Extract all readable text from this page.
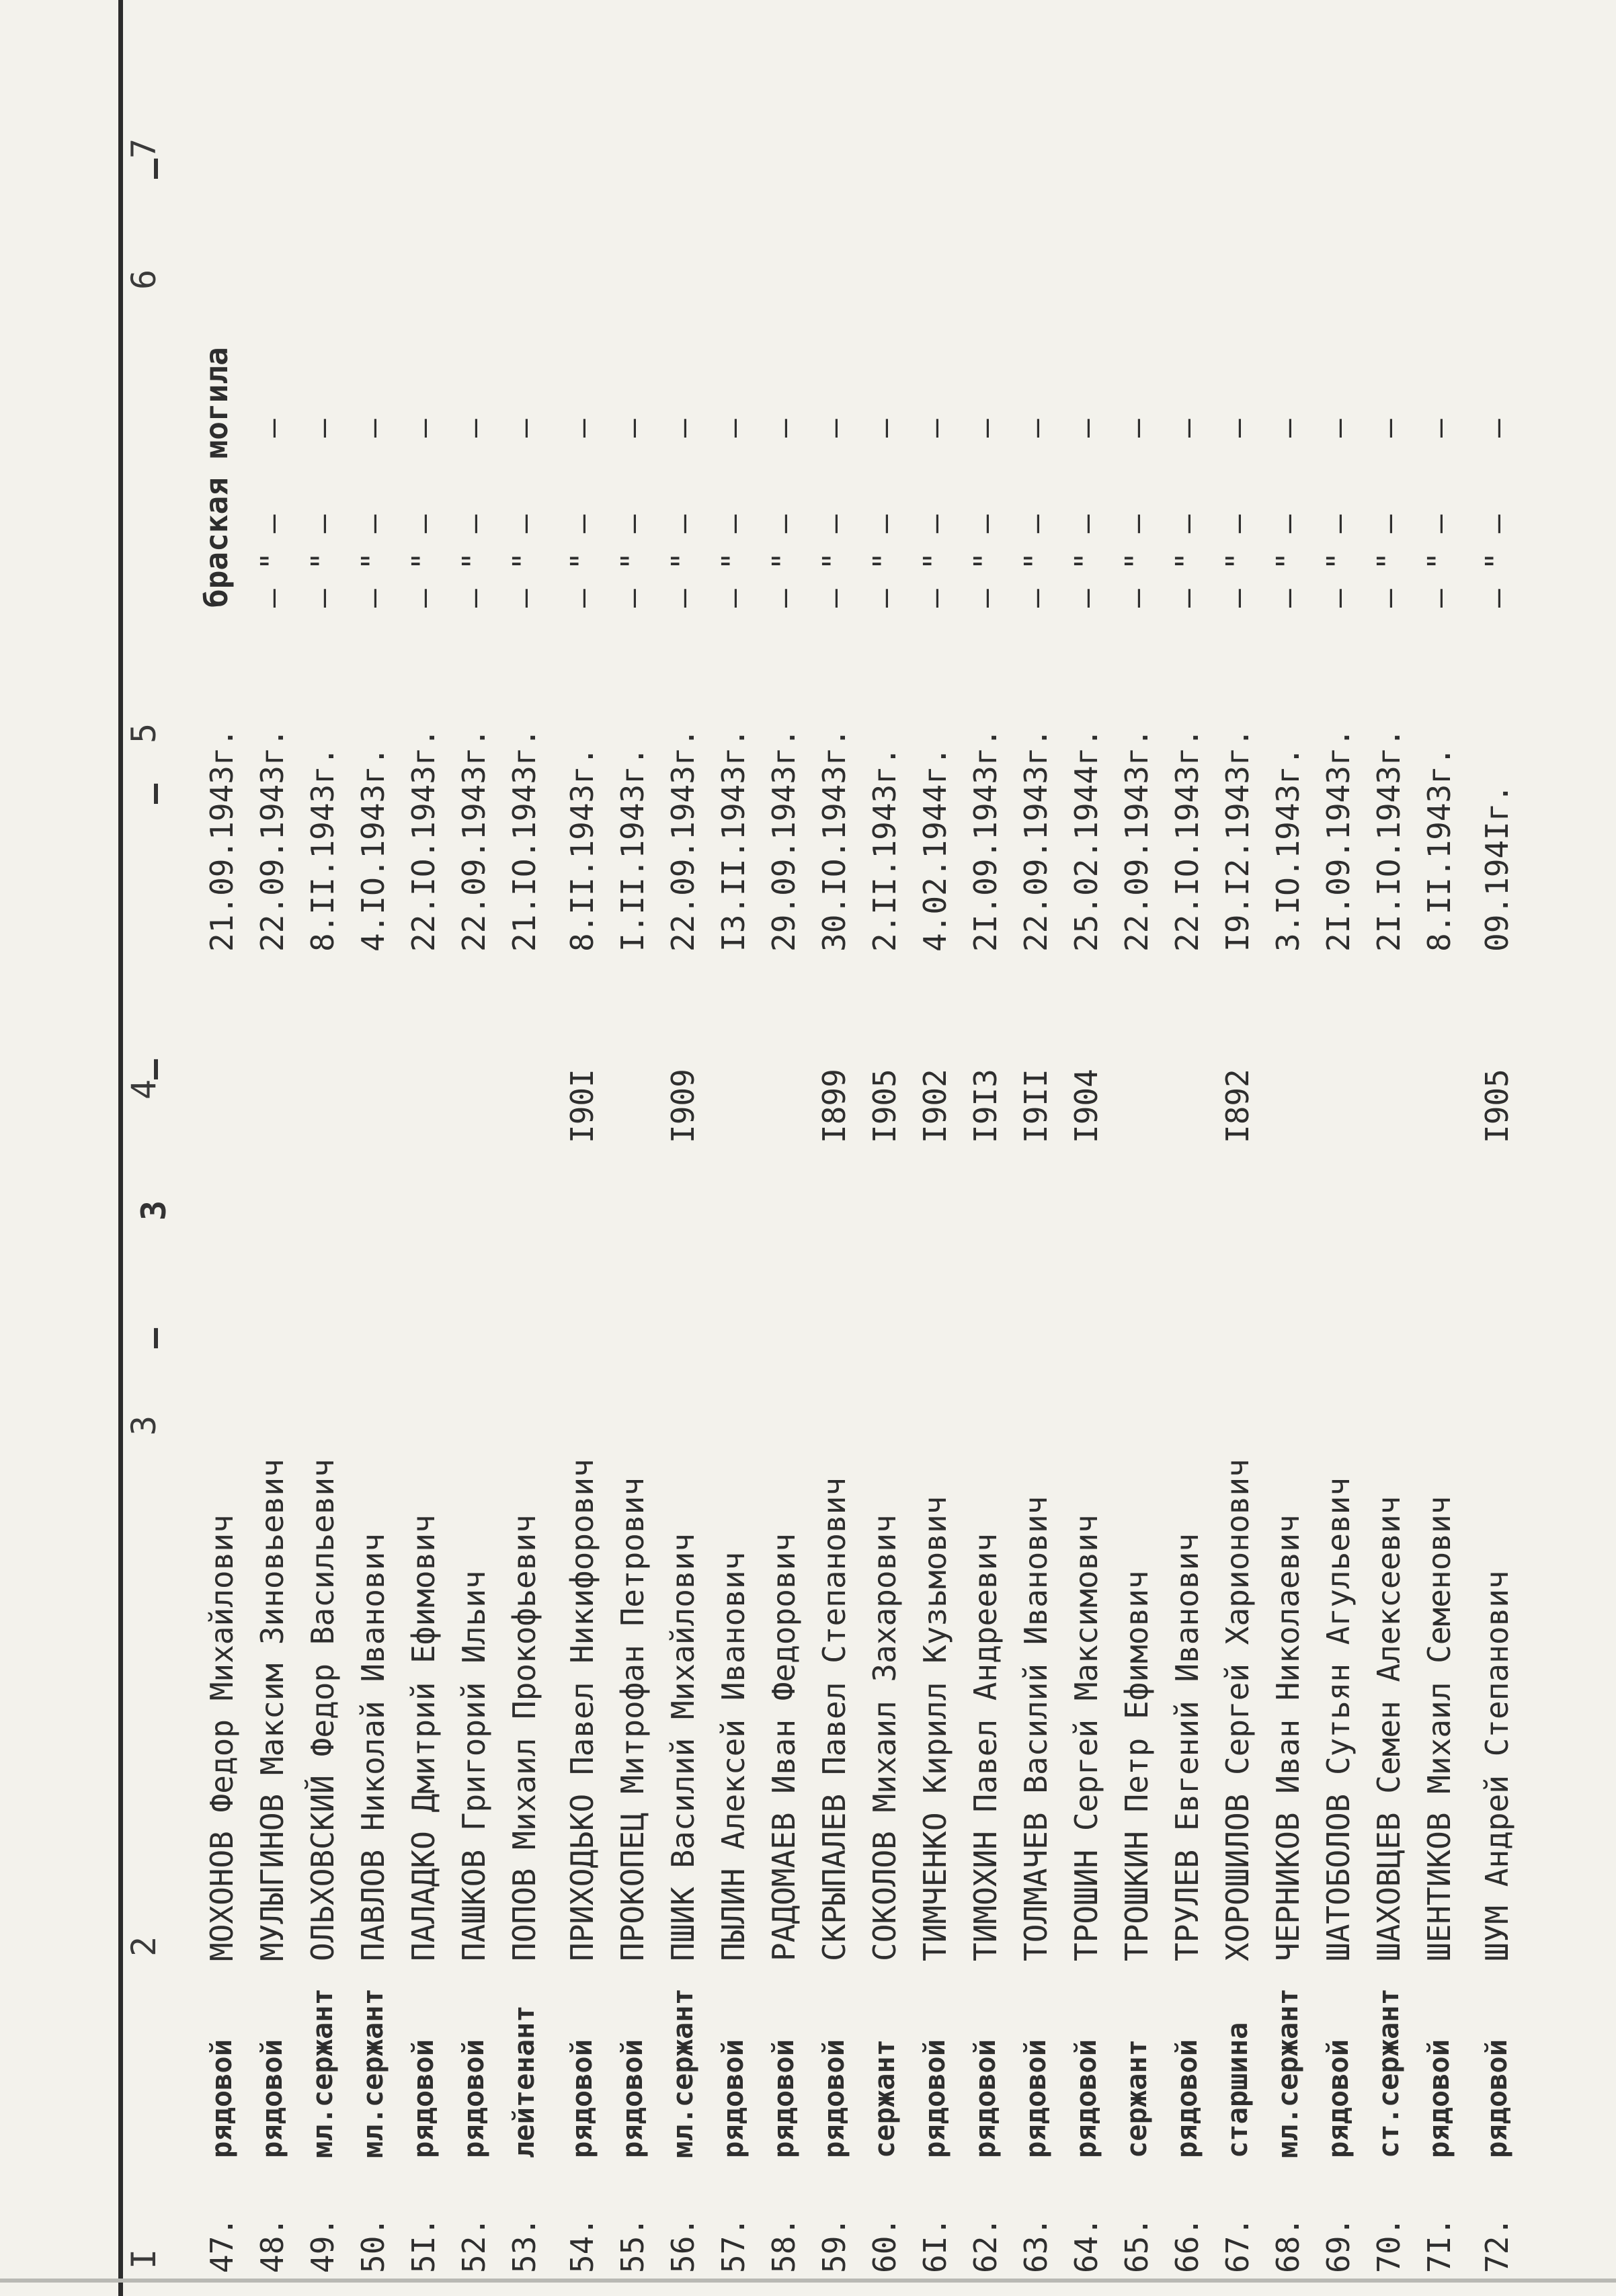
I
2
3
4
5
6
7
–
3
–
–
–
браская могила
47.
рядовой
МОХОНОВ Федор Михайлович
21.09.1943г.
48.
рядовой
МУЛЫГИНОВ Максим Зиновьевич
22.09.1943г.
– " –
–
49.
мл.сержант
ОЛЬХОВСКИЙ Федор Васильевич
8.II.1943г.
– " –
–
50.
мл.сержант
ПАВЛОВ Николай Иванович
4.IO.1943г.
– " –
–
5I.
рядовой
ПАЛАДКО Дмитрий Ефимович
22.IO.1943г.
– " –
–
52.
рядовой
ПАШКОВ Григорий Ильич
22.09.1943г.
– " –
–
53.
лейтенант
ПОПОВ Михаил Прокофьевич
21.IO.1943г.
– " –
–
54.
рядовой
ПРИХОДЬКО Павел Никифорович
I90I
8.II.1943г.
– " –
–
55.
рядовой
ПРОКОПЕЦ Митрофан Петрович
I.II.1943г.
– " –
–
56.
мл.сержант
ПШИК Василий Михайлович
I909
22.09.1943г.
– " –
–
57.
рядовой
ПЫЛИН Алексей Иванович
I3.II.1943г.
– " –
–
58.
рядовой
РАДОМАЕВ Иван Федорович
29.09.1943г.
– " –
–
59.
рядовой
СКРЫПАЛЕВ Павел Степанович
I899
30.IO.1943г.
– " –
–
60.
сержант
СОКОЛОВ Михаил Захарович
I905
2.II.1943г.
– " –
–
6I.
рядовой
ТИМЧЕНКО Кирилл Кузьмович
I902
4.02.1944г.
– " –
–
62.
рядовой
ТИМОХИН Павел Андреевич
I9I3
2I.09.1943г.
– " –
–
63.
рядовой
ТОЛМАЧЕВ Василий Иванович
I9II
22.09.1943г.
– " –
–
64.
рядовой
ТРОШИН Сергей Максимович
I904
25.02.1944г.
– " –
–
65.
сержант
ТРОШКИН Петр Ефимович
22.09.1943г.
– " –
–
66.
рядовой
ТРУЛЕВ Евгений Иванович
22.IO.1943г.
– " –
–
67.
старшина
ХОРОШИЛОВ Сергей Харионович
I892
I9.I2.1943г.
– " –
–
68.
мл.сержант
ЧЕРНИКОВ Иван Николаевич
3.IO.1943г.
– " –
–
69.
рядовой
ШАТОБОЛОВ Сутьян Агульевич
2I.09.1943г.
– " –
–
70.
ст.сержант
ШАХОВЦЕВ Семен Алексеевич
2I.IO.1943г.
– " –
–
7I.
рядовой
ШЕНТИКОВ Михаил Семенович
8.II.1943г.
– " –
–
72.
рядовой
ШУМ Андрей Степанович
I905
09.194Iг.
– " –
–
